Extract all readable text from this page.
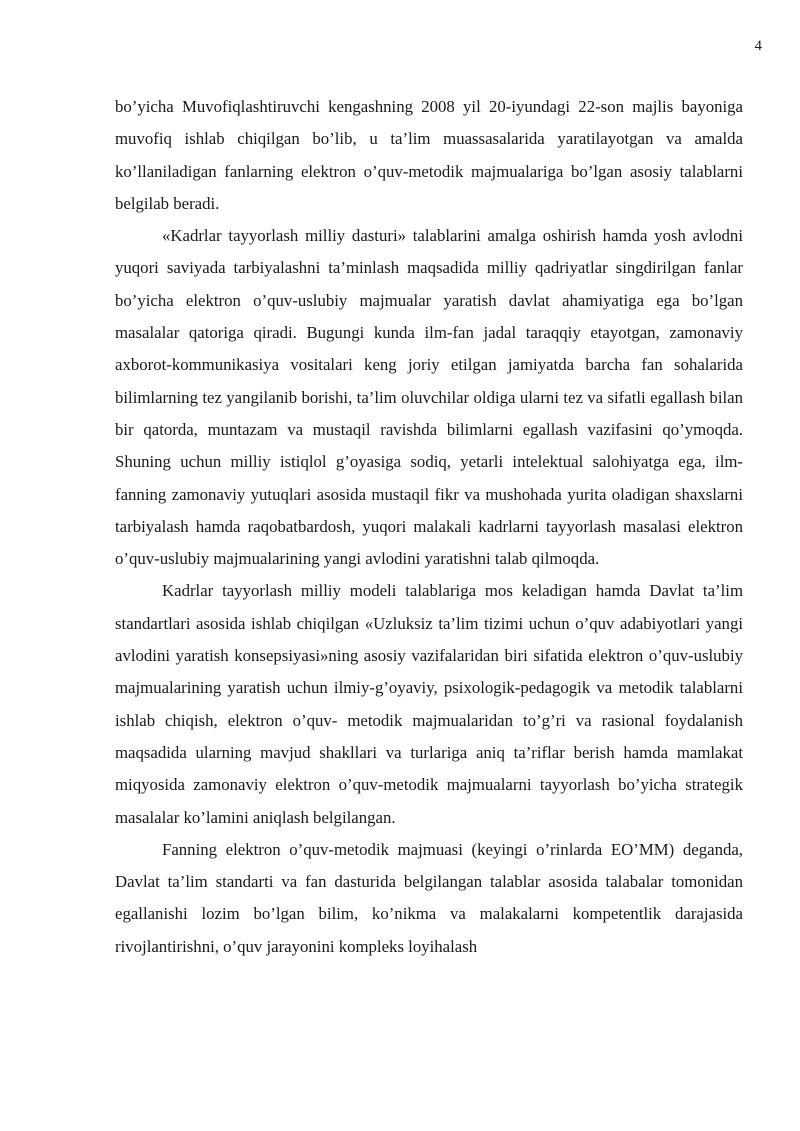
4

bo’yicha Muvofiqlashtiruvchi kengashning 2008 yil 20-iyundagi 22-son majlis bayoniga muvofiq ishlab chiqilgan bo’lib, u ta’lim muassasalarida yaratilayotgan va amalda ko’llaniladigan fanlarning elektron o’quv-metodik majmualariga bo’lgan asosiy talablarni belgilab beradi.

«Kadrlar tayyorlash milliy dasturi» talablarini amalga oshirish hamda yosh avlodni yuqori saviyada tarbiyalashni ta’minlash maqsadida milliy qadriyatlar singdirilgan fanlar bo’yicha elektron o’quv-uslubiy majmualar yaratish davlat ahamiyatiga ega bo’lgan masalalar qatoriga qiradi. Bugungi kunda ilm-fan jadal taraqqiy etayotgan, zamonaviy axborot-kommunikasiya vositalari keng joriy etilgan jamiyatda barcha fan sohalarida bilimlarning tez yangilanib borishi, ta’lim oluvchilar oldiga ularni tez va sifatli egallash bilan bir qatorda, muntazam va mustaqil ravishda bilimlarni egallash vazifasini qo’ymoqda. Shuning uchun milliy istiqlol g’oyasiga sodiq, yetarli intelektual salohiyatga ega, ilm-fanning zamonaviy yutuqlari asosida mustaqil fikr va mushohada yurita oladigan shaxslarni tarbiyalash hamda raqobatbardosh, yuqori malakali kadrlarni tayyorlash masalasi elektron o’quv-uslubiy majmualarining yangi avlodini yaratishni talab qilmoqda.

Kadrlar tayyorlash milliy modeli talablariga mos keladigan hamda Davlat ta’lim standartlari asosida ishlab chiqilgan «Uzluksiz ta’lim tizimi uchun o’quv adabiyotlari yangi avlodini yaratish konsepsiyasi»ning asosiy vazifalaridan biri sifatida elektron o’quv-uslubiy majmualarining yaratish uchun ilmiy-g’oyaviy, psixologik-pedagogik va metodik talablarni ishlab chiqish, elektron o’quv- metodik majmualaridan to’g’ri va rasional foydalanish maqsadida ularning mavjud shakllari va turlariga aniq ta’riflar berish hamda mamlakat miqyosida zamonaviy elektron o’quv-metodik majmualarni tayyorlash bo’yicha strategik masalalar ko’lamini aniqlash belgilangan.

Fanning elektron o’quv-metodik majmuasi (keyingi o’rinlarda EO’MM) deganda, Davlat ta’lim standarti va fan dasturida belgilangan talablar asosida talabalar tomonidan egallanishi lozim bo’lgan bilim, ko’nikma va malakalarni kompetentlik darajasida rivojlantirishni, o’quv jarayonini kompleks loyihalash
